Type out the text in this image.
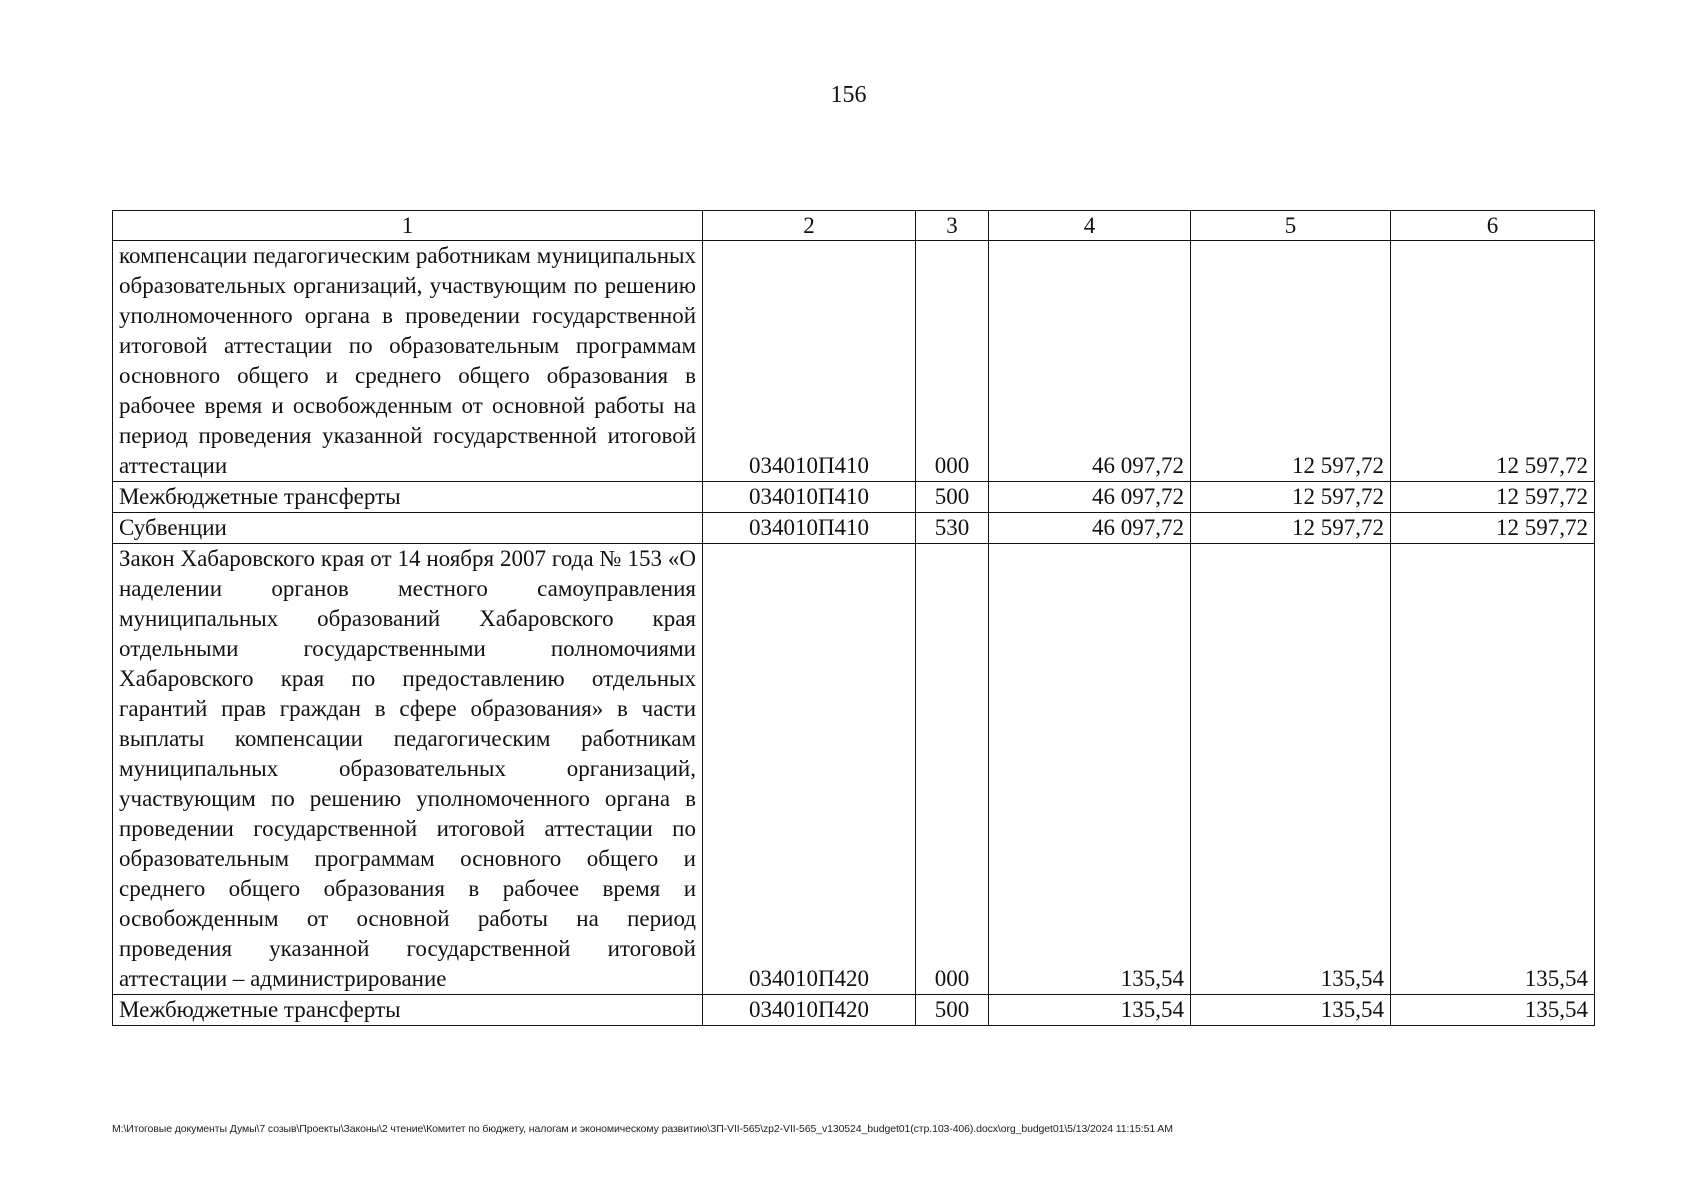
156
1	2	3	4	5	6
компенсации педагогическим работникам муниципальных образовательных организаций, участвующим по решению уполномоченного органа в проведении государственной итоговой аттестации по образовательным программам основного общего и среднего общего образования в рабочее время и освобожденным от основной работы на период проведения указанной государственной итоговой аттестации	034010П410	000	46 097,72	12 597,72	12 597,72
Межбюджетные трансферты	034010П410	500	46 097,72	12 597,72	12 597,72
Субвенции	034010П410	530	46 097,72	12 597,72	12 597,72
Закон Хабаровского края от 14 ноября 2007 года № 153 «О наделении органов местного самоуправления муниципальных образований Хабаровского края отдельными государственными полномочиями Хабаровского края по предоставлению отдельных гарантий прав граждан в сфере образования» в части выплаты компенсации педагогическим работникам муниципальных образовательных организаций, участвующим по решению уполномоченного органа в проведении государственной итоговой аттестации по образовательным программам основного общего и среднего общего образования в рабочее время и освобожденным от основной работы на период проведения указанной государственной итоговой аттестации – администрирование	034010П420	000	135,54	135,54	135,54
Межбюджетные трансферты	034010П420	500	135,54	135,54	135,54
M:\Итоговые документы Думы\7 созыв\Проекты\Законы\2 чтение\Комитет по бюджету, налогам и экономическому развитию\ЗП-VII-565\zp2-VII-565_v130524_budget01(стр.103-406).docx\org_budget01\5/13/2024 11:15:51 AM
